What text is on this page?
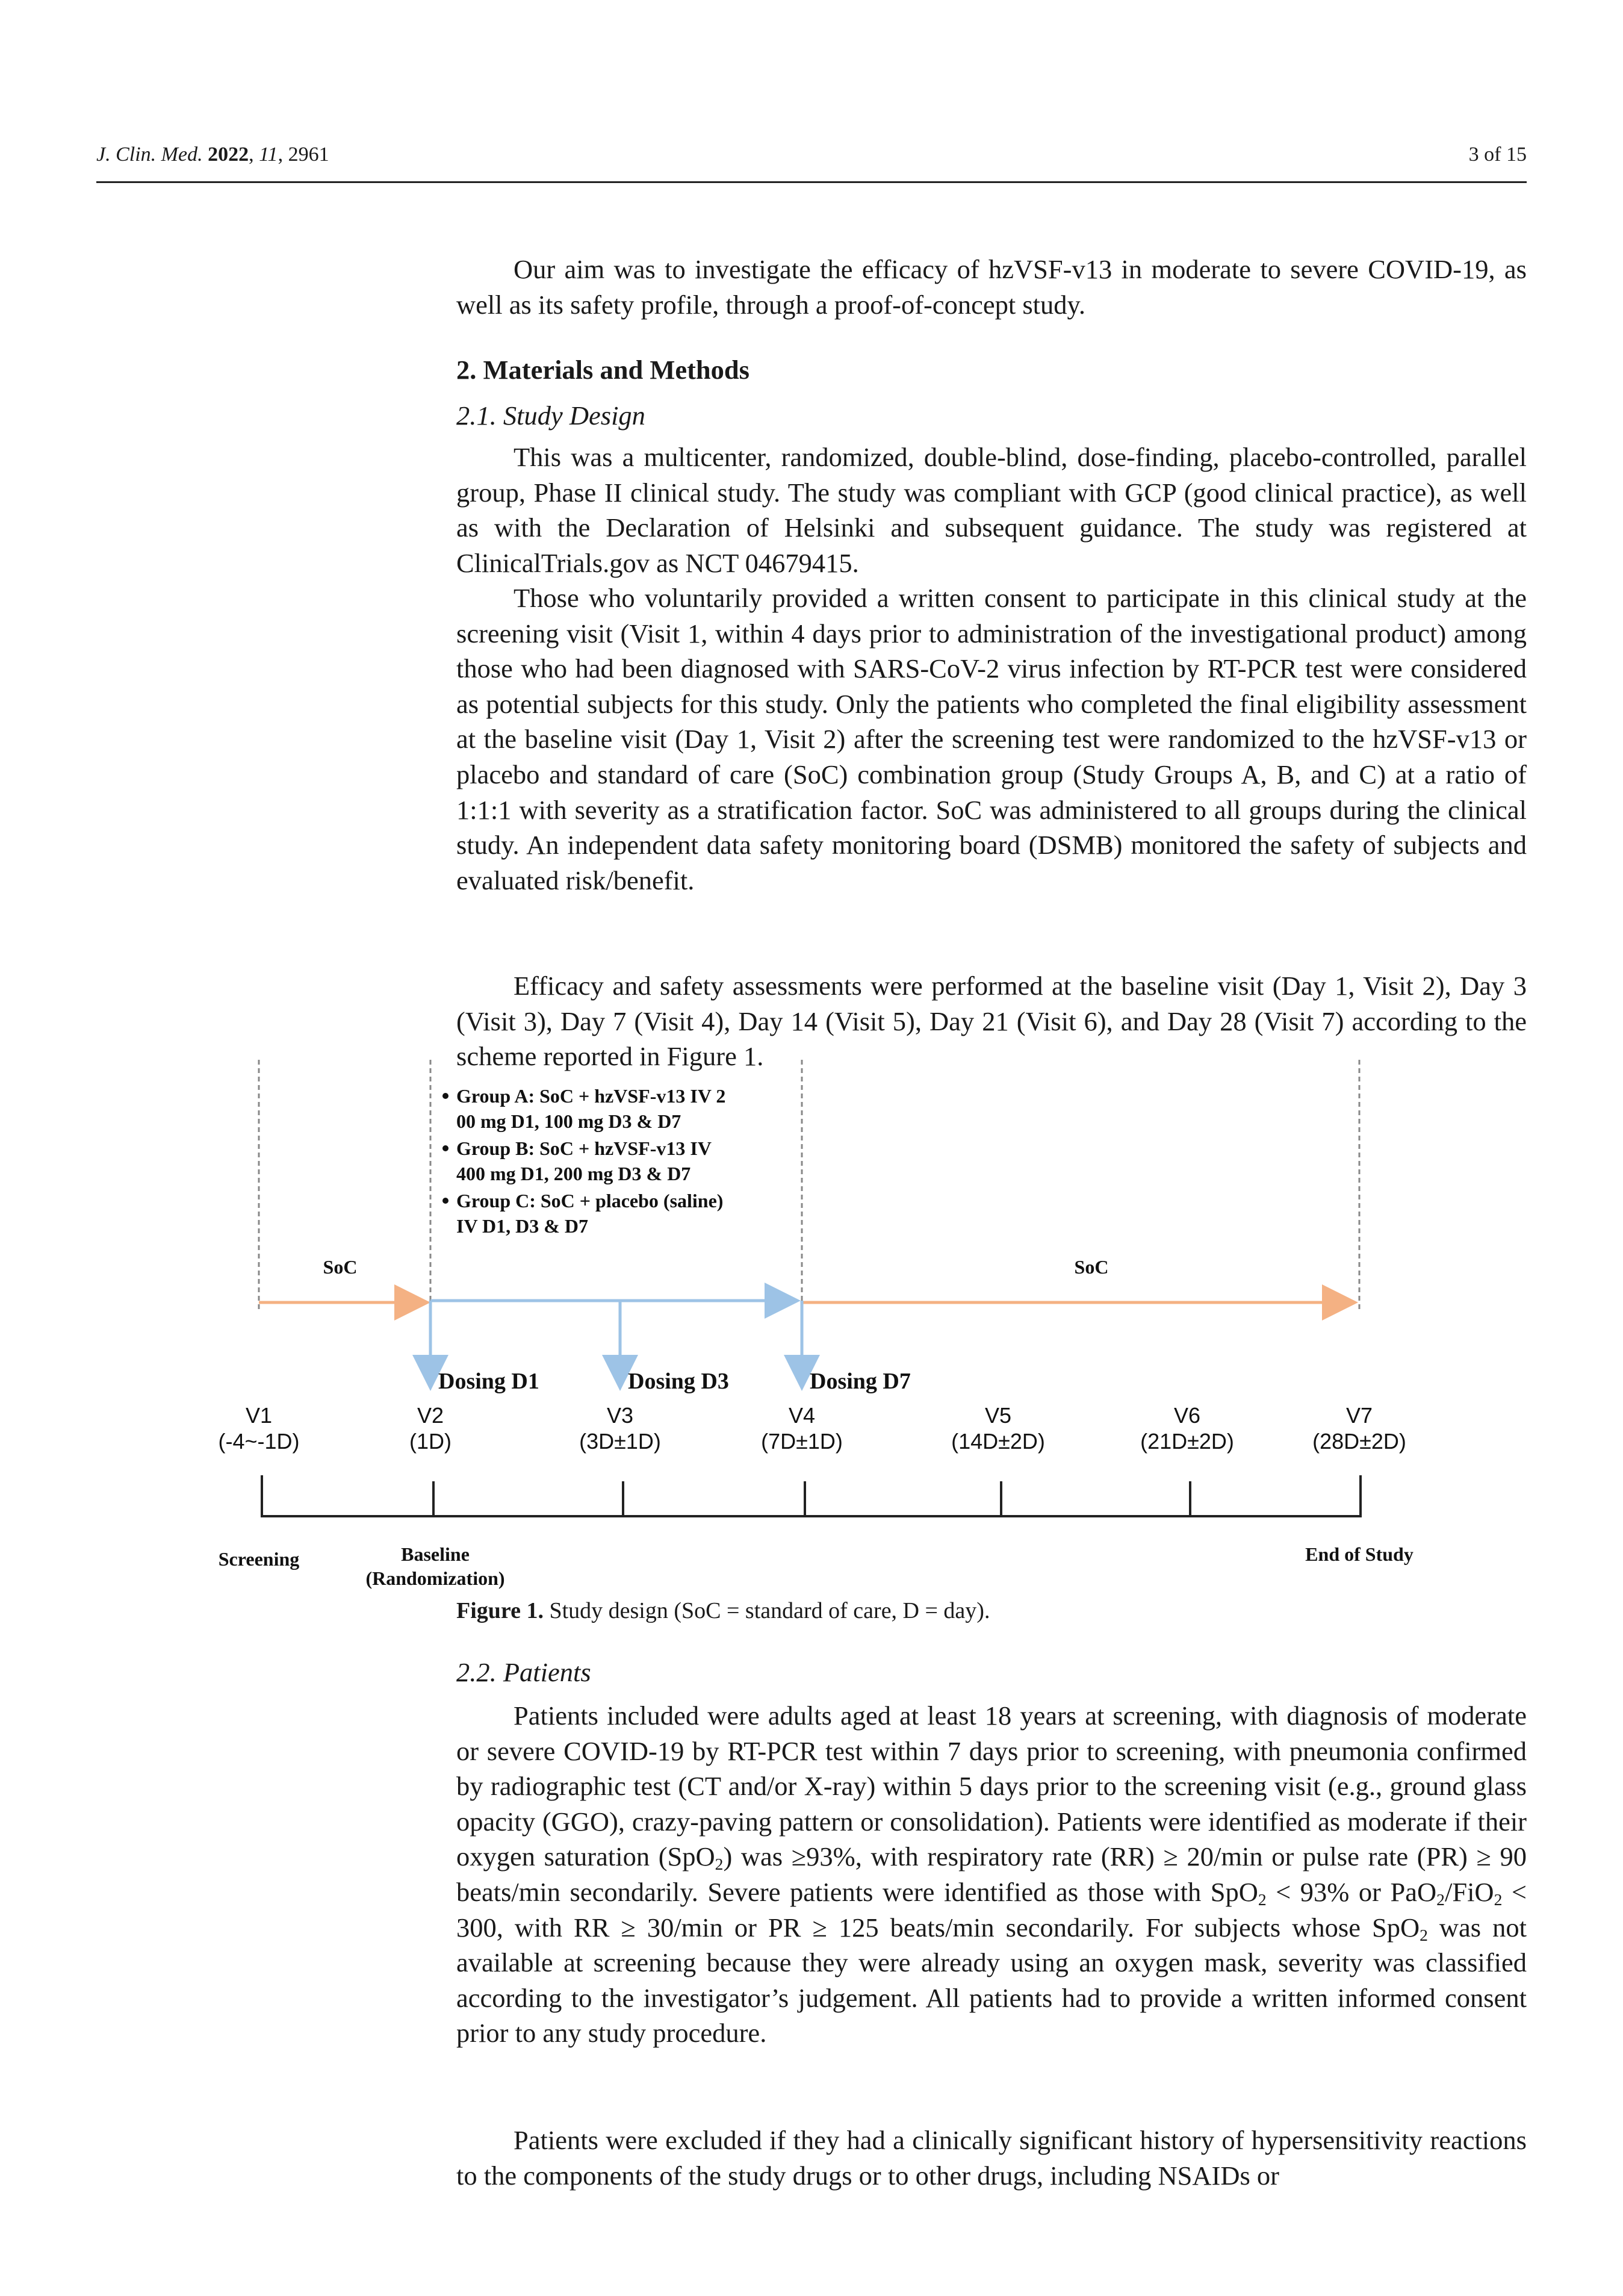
J. Clin. Med. 2022, 11, 2961	3 of 15

Our aim was to investigate the efficacy of hzVSF-v13 in moderate to severe COVID-19, as well as its safety profile, through a proof-of-concept study.

2. Materials and Methods

2.1. Study Design

This was a multicenter, randomized, double-blind, dose-finding, placebo-controlled, parallel group, Phase II clinical study. The study was compliant with GCP (good clinical practice), as well as with the Declaration of Helsinki and subsequent guidance. The study was registered at ClinicalTrials.gov as NCT 04679415.

Those who voluntarily provided a written consent to participate in this clinical study at the screening visit (Visit 1, within 4 days prior to administration of the investigational product) among those who had been diagnosed with SARS-CoV-2 virus infection by RT-PCR test were considered as potential subjects for this study. Only the patients who completed the final eligibility assessment at the baseline visit (Day 1, Visit 2) after the screening test were randomized to the hzVSF-v13 or placebo and standard of care (SoC) combination group (Study Groups A, B, and C) at a ratio of 1:1:1 with severity as a stratification factor. SoC was administered to all groups during the clinical study. An independent data safety monitoring board (DSMB) monitored the safety of subjects and evaluated risk/benefit.

Efficacy and safety assessments were performed at the baseline visit (Day 1, Visit 2), Day 3 (Visit 3), Day 7 (Visit 4), Day 14 (Visit 5), Day 21 (Visit 6), and Day 28 (Visit 7) according to the scheme reported in Figure 1.

Group A: SoC + hzVSF-v13 IV 2
00 mg D1, 100 mg D3 & D7
Group B: SoC + hzVSF-v13 IV
400 mg D1, 200 mg D3 & D7
Group C: SoC + placebo (saline)
IV D1, D3 & D7
SoC	SoC
Dosing D1	Dosing D3	Dosing D7
V1
(-4~-1D)
V2
(1D)
V3
(3D±1D)
V4
(7D±1D)
V5
(14D±2D)
V6
(21D±2D)
V7
(28D±2D)
Screening	Baseline
(Randomization)
End of Study

Figure 1. Study design (SoC = standard of care, D = day).

2.2. Patients

Patients included were adults aged at least 18 years at screening, with diagnosis of moderate or severe COVID-19 by RT-PCR test within 7 days prior to screening, with pneumonia confirmed by radiographic test (CT and/or X-ray) within 5 days prior to the screening visit (e.g., ground glass opacity (GGO), crazy-paving pattern or consolidation). Patients were identified as moderate if their oxygen saturation (SpO$_2$) was ≥93%, with respiratory rate (RR) ≥ 20/min or pulse rate (PR) ≥ 90 beats/min secondarily. Severe patients were identified as those with SpO$_2$ < 93% or PaO$_2$/FiO$_2$ < 300, with RR ≥ 30/min or PR ≥ 125 beats/min secondarily. For subjects whose SpO$_2$ was not available at screening because they were already using an oxygen mask, severity was classified according to the investigator’s judgement. All patients had to provide a written informed consent prior to any study procedure.

Patients were excluded if they had a clinically significant history of hypersensitivity reactions to the components of the study drugs or to other drugs, including NSAIDs or
